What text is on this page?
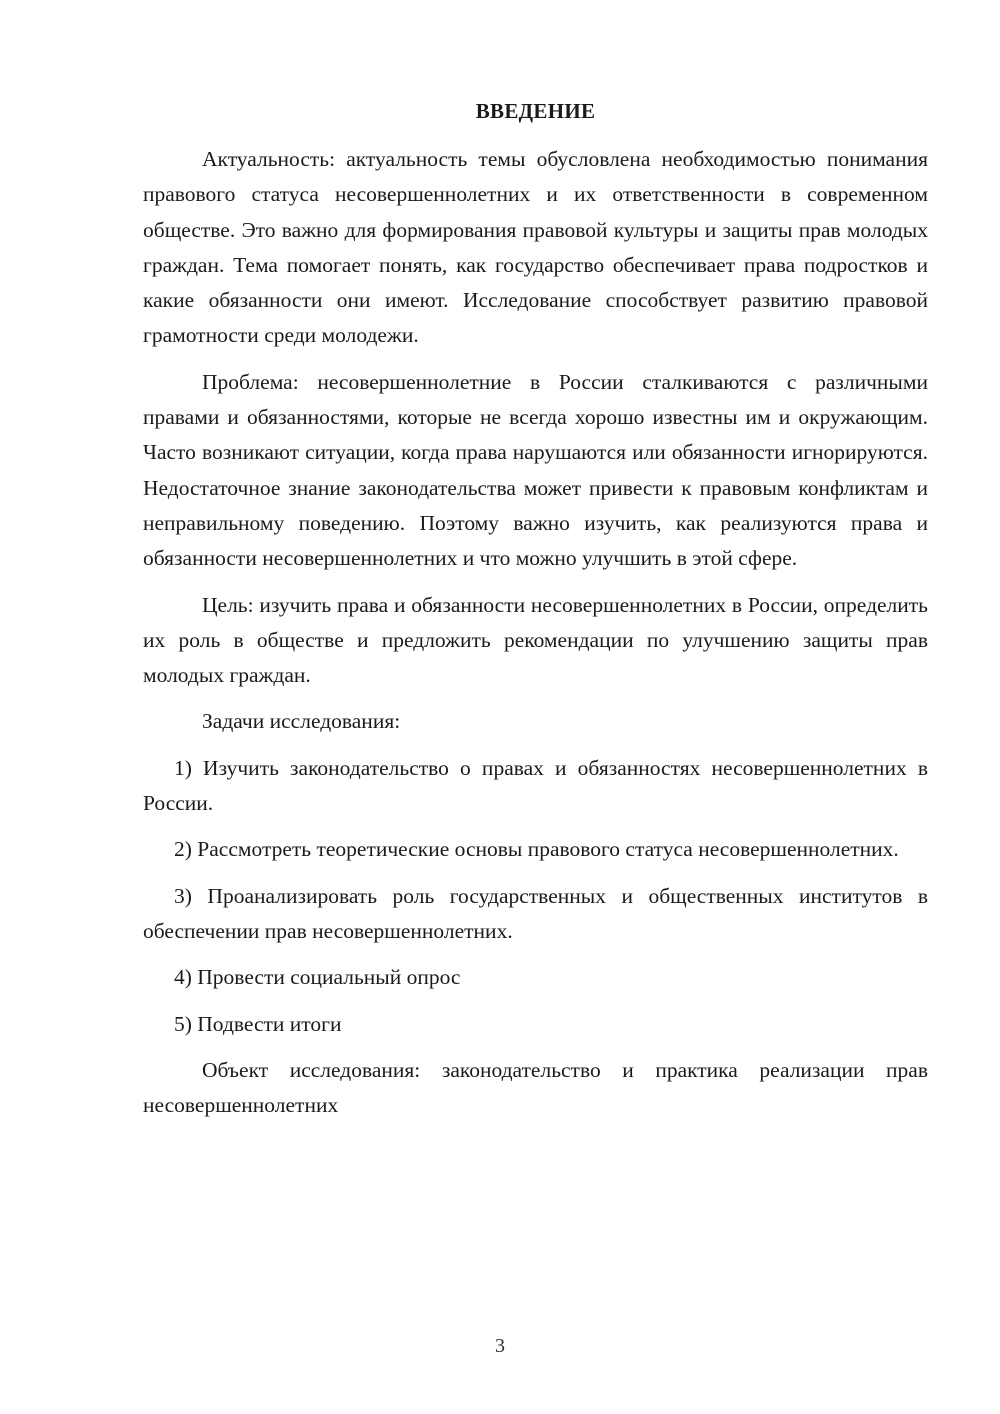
ВВЕДЕНИЕ

Актуальность: актуальность темы обусловлена необходимостью понимания правового статуса несовершеннолетних и их ответственности в современном обществе. Это важно для формирования правовой культуры и защиты прав молодых граждан. Тема помогает понять, как государство обеспечивает права подростков и какие обязанности они имеют. Исследование способствует развитию правовой грамотности среди молодежи.

Проблема: несовершеннолетние в России сталкиваются с различными правами и обязанностями, которые не всегда хорошо известны им и окружающим. Часто возникают ситуации, когда права нарушаются или обязанности игнорируются. Недостаточное знание законодательства может привести к правовым конфликтам и неправильному поведению. Поэтому важно изучить, как реализуются права и обязанности несовершеннолетних и что можно улучшить в этой сфере.

Цель: изучить права и обязанности несовершеннолетних в России, определить их роль в обществе и предложить рекомендации по улучшению защиты прав молодых граждан.

Задачи исследования:

1) Изучить законодательство о правах и обязанностях несовершеннолетних в России.

2) Рассмотреть теоретические основы правового статуса несовершеннолетних.

3) Проанализировать роль государственных и общественных институтов в обеспечении прав несовершеннолетних.

4) Провести социальный опрос

5) Подвести итоги

Объект исследования: законодательство и практика реализации прав несовершеннолетних

3
